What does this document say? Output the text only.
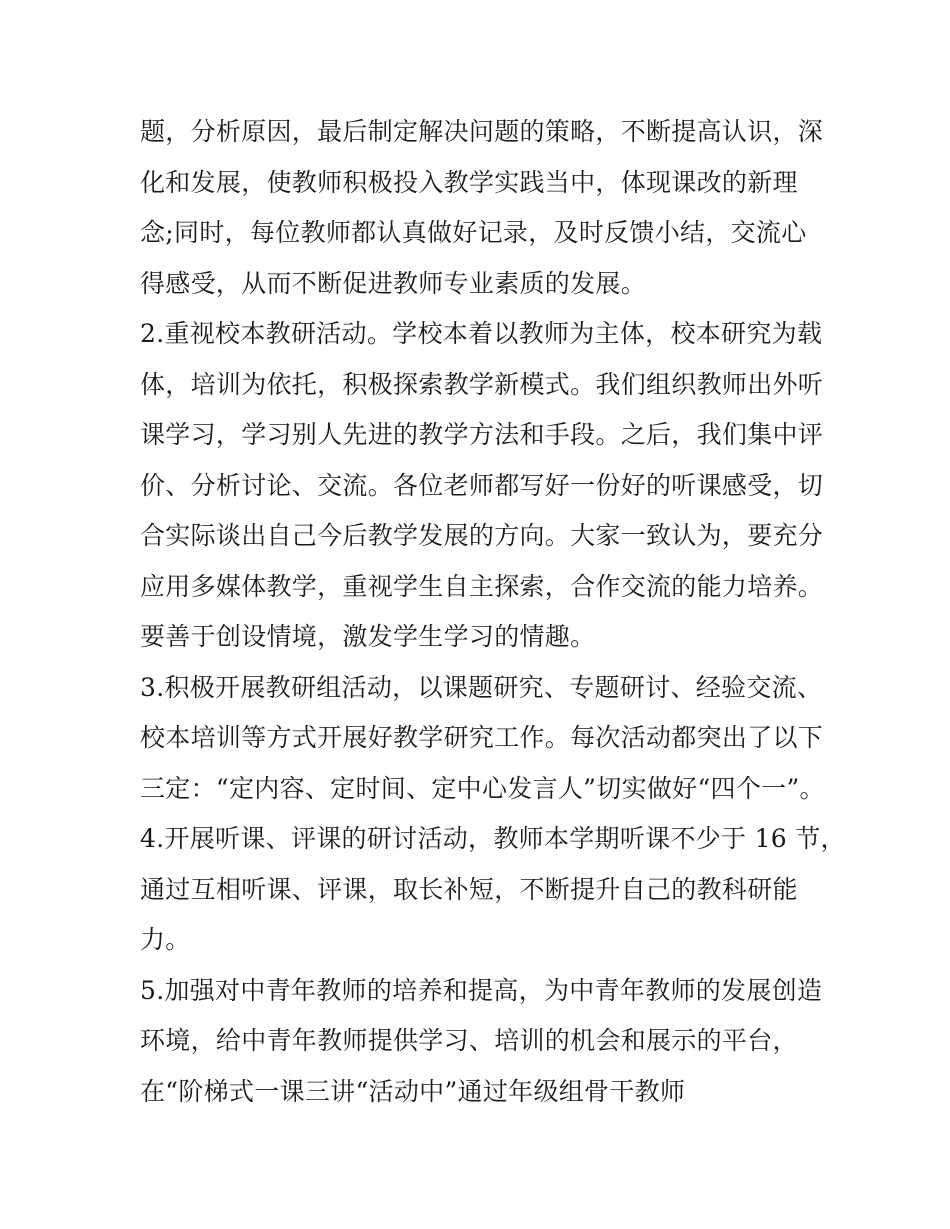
题，分析原因，最后制定解决问题的策略，不断提高认识，深
化和发展，使教师积极投入教学实践当中，体现课改的新理
念;同时，每位教师都认真做好记录，及时反馈小结，交流心
得感受，从而不断促进教师专业素质的发展。
2.重视校本教研活动。学校本着以教师为主体，校本研究为载
体，培训为依托，积极探索教学新模式。我们组织教师出外听
课学习，学习别人先进的教学方法和手段。之后，我们集中评
价、分析讨论、交流。各位老师都写好一份好的听课感受，切
合实际谈出自己今后教学发展的方向。大家一致认为，要充分
应用多媒体教学，重视学生自主探索，合作交流的能力培养。
要善于创设情境，激发学生学习的情趣。
3.积极开展教研组活动，以课题研究、专题研讨、经验交流、
校本培训等方式开展好教学研究工作。每次活动都突出了以下
三定：“定内容、定时间、定中心发言人”切实做好“四个一”。
4.开展听课、评课的研讨活动，教师本学期听课不少于 16 节，
通过互相听课、评课，取长补短，不断提升自己的教科研能
力。
5.加强对中青年教师的培养和提高，为中青年教师的发展创造
环境，给中青年教师提供学习、培训的机会和展示的平台，
在“阶梯式一课三讲“活动中”通过年级组骨干教师
